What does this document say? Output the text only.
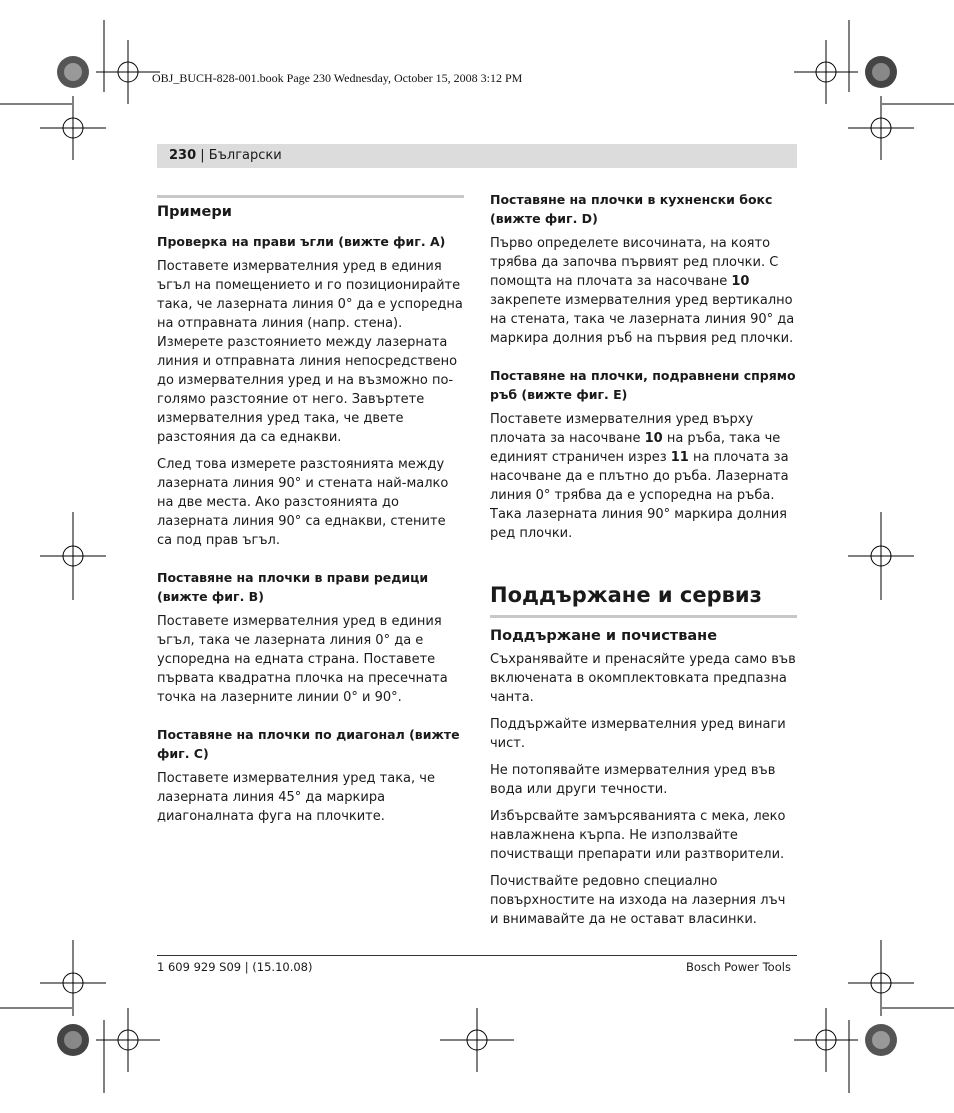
OBJ_BUCH-828-001.book Page 230 Wednesday, October 15, 2008 3:12 PM
230 | Български
Примери
Проверка на прави ъгли (вижте фиг. A)

Поставете измервателния уред в единия ъгъл на помещението и го позиционирайте така, че лазерната линия 0° да е успоредна на отправната линия (напр. стена). Измерете разстоянието между лазерната линия и отправната линия непосредствено до измервателния уред и на възможно по-голямо разстояние от него. Завъртете измервателния уред така, че двете разстояния да са еднакви.

След това измерете разстоянията между лазерната линия 90° и стената най-малко на две места. Ако разстоянията до лазерната линия 90° са еднакви, стените са под прав ъгъл.

Поставяне на плочки в прави редици (вижте фиг. B)

Поставете измервателния уред в единия ъгъл, така че лазерната линия 0° да е успоредна на едната страна. Поставете първата квадратна плочка на пресечната точка на лазерните линии 0° и 90°.

Поставяне на плочки по диагонал (вижте фиг. C)

Поставете измервателния уред така, че лазерната линия 45° да маркира диагоналната фуга на плочките.

Поставяне на плочки в кухненски бокс (вижте фиг. D)

Първо определете височината, на която трябва да започва първият ред плочки. С помощта на плочата за насочване 10 закрепете измервателния уред вертикално на стената, така че лазерната линия 90° да маркира долния ръб на първия ред плочки.

Поставяне на плочки, подравнени спрямо ръб (вижте фиг. E)

Поставете измервателния уред върху плочата за насочване 10 на ръба, така че единият страничен изрез 11 на плочата за насочване да е плътно до ръба. Лазерната линия 0° трябва да е успоредна на ръба. Така лазерната линия 90° маркира долния ред плочки.

Поддържане и сервиз
Поддържане и почистване

Съхранявайте и пренасяйте уреда само във включената в окомплектовката предпазна чанта.

Поддържайте измервателния уред винаги чист.

Не потопявайте измервателния уред във вода или други течности.

Избърсвайте замърсяванията с мека, леко навлажнена кърпа. Не използвайте почистващи препарати или разтворители.

Почиствайте редовно специално повърхностите на изхода на лазерния лъч и внимавайте да не остават власинки.

1 609 929 S09 | (15.10.08)	Bosch Power Tools
